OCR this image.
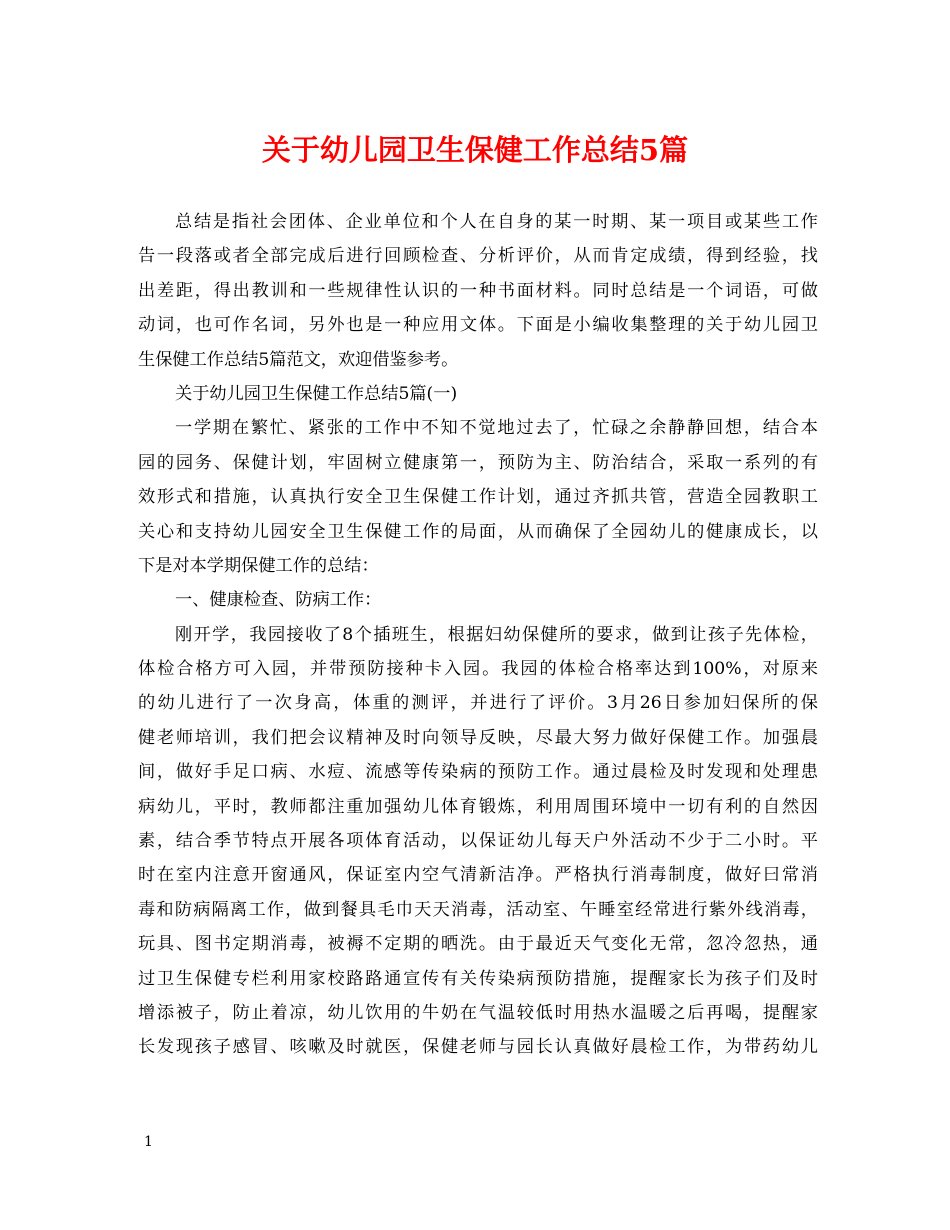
关于幼儿园卫生保健工作总结5篇
总结是指社会团体、企业单位和个人在自身的某一时期、某一项目或某些工作
告一段落或者全部完成后进行回顾检查、分析评价，从而肯定成绩，得到经验，找
出差距，得出教训和一些规律性认识的一种书面材料。同时总结是一个词语，可做
动词，也可作名词，另外也是一种应用文体。下面是小编收集整理的关于幼儿园卫
生保健工作总结5篇范文，欢迎借鉴参考。
关于幼儿园卫生保健工作总结5篇(一)
一学期在繁忙、紧张的工作中不知不觉地过去了，忙碌之余静静回想，结合本
园的园务、保健计划，牢固树立健康第一，预防为主、防治结合，采取一系列的有
效形式和措施，认真执行安全卫生保健工作计划，通过齐抓共管，营造全园教职工
关心和支持幼儿园安全卫生保健工作的局面，从而确保了全园幼儿的健康成长，以
下是对本学期保健工作的总结：
一、健康检查、防病工作：
刚开学，我园接收了8个插班生，根据妇幼保健所的要求，做到让孩子先体检，
体检合格方可入园，并带预防接种卡入园。我园的体检合格率达到100%，对原来
的幼儿进行了一次身高，体重的测评，并进行了评价。3月26日参加妇保所的保
健老师培训，我们把会议精神及时向领导反映，尽最大努力做好保健工作。加强晨
间，做好手足口病、水痘、流感等传染病的预防工作。通过晨检及时发现和处理患
病幼儿，平时，教师都注重加强幼儿体育锻炼，利用周围环境中一切有利的自然因
素，结合季节特点开展各项体育活动，以保证幼儿每天户外活动不少于二小时。平
时在室内注意开窗通风，保证室内空气清新洁净。严格执行消毒制度，做好曰常消
毒和防病隔离工作，做到餐具毛巾天天消毒，活动室、午睡室经常进行紫外线消毒，
玩具、图书定期消毒，被褥不定期的晒洗。由于最近天气变化无常，忽冷忽热，通
过卫生保健专栏利用家校路路通宣传有关传染病预防措施，提醒家长为孩子们及时
增添被子，防止着凉，幼儿饮用的牛奶在气温较低时用热水温暖之后再喝，提醒家
长发现孩子感冒、咳嗽及时就医，保健老师与园长认真做好晨检工作，为带药幼儿
1
